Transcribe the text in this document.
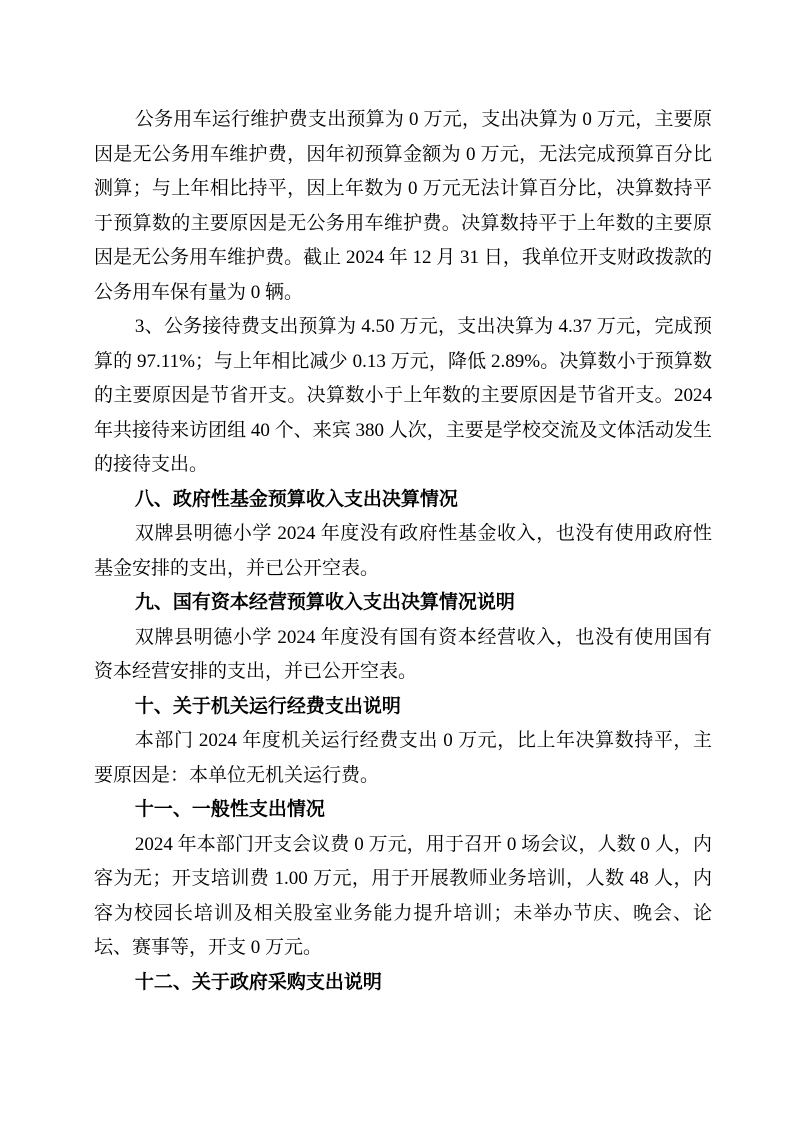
公务用车运行维护费支出预算为 0 万元，支出决算为 0 万元，主要原因是无公务用车维护费，因年初预算金额为 0 万元，无法完成预算百分比测算；与上年相比持平，因上年数为 0 万元无法计算百分比，决算数持平于预算数的主要原因是无公务用车维护费。决算数持平于上年数的主要原因是无公务用车维护费。截止 2024 年 12 月 31 日，我单位开支财政拨款的公务用车保有量为 0 辆。

3、公务接待费支出预算为 4.50 万元，支出决算为 4.37 万元，完成预算的 97.11%；与上年相比减少 0.13 万元，降低 2.89%。决算数小于预算数的主要原因是节省开支。决算数小于上年数的主要原因是节省开支。2024 年共接待来访团组 40 个、来宾 380 人次，主要是学校交流及文体活动发生的接待支出。

八、政府性基金预算收入支出决算情况

双牌县明德小学 2024 年度没有政府性基金收入，也没有使用政府性基金安排的支出，并已公开空表。

九、国有资本经营预算收入支出决算情况说明

双牌县明德小学 2024 年度没有国有资本经营收入，也没有使用国有资本经营安排的支出，并已公开空表。

十、关于机关运行经费支出说明

本部门 2024 年度机关运行经费支出 0 万元，比上年决算数持平，主要原因是：本单位无机关运行费。

十一、一般性支出情况

2024 年本部门开支会议费 0 万元，用于召开 0 场会议，人数 0 人，内容为无；开支培训费 1.00 万元，用于开展教师业务培训，人数 48 人，内容为校园长培训及相关股室业务能力提升培训；未举办节庆、晚会、论坛、赛事等，开支 0 万元。

十二、关于政府采购支出说明
